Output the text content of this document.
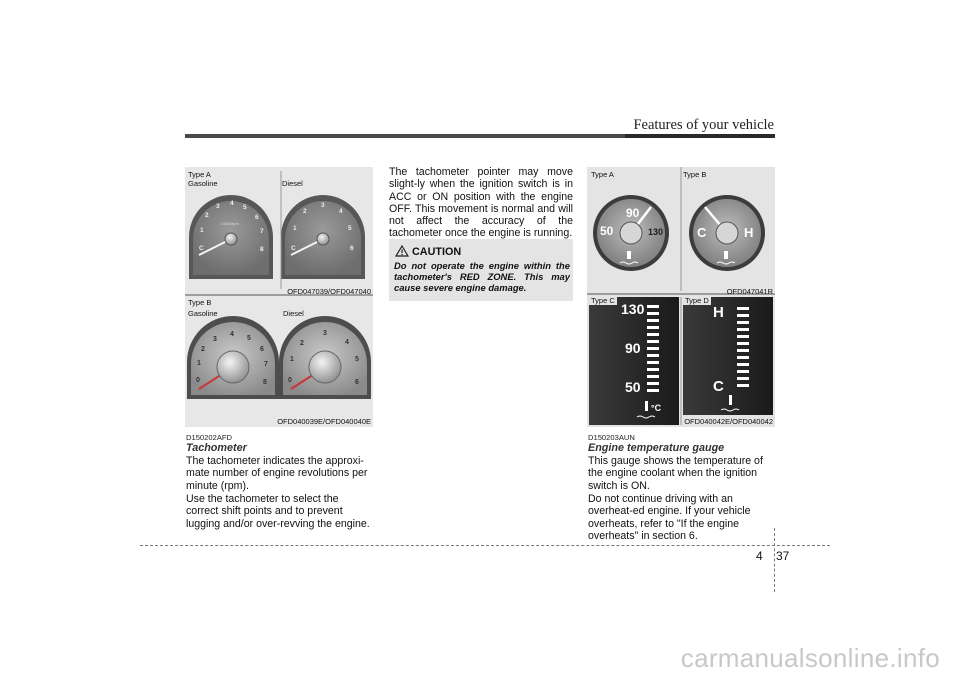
Features of your vehicle
C
1
2
3 4
5
6
7
8
x1000rpm
C
1
2
3
4
5
6
0
1
2
3
4
5
6
7
8	0
1
2
3
4
5
6
Type A
Gasoline	Diesel
OFD047039/OFD047040
Type B
Gasoline	Diesel
OFD040039E/OFD040040E
D150202AFD
Tachometer
The tachometer indicates the approxi-mate number of engine revolutions per minute (rpm).
Use the tachometer to select the correct shift points and to prevent lugging and/or over-revving the engine.
The tachometer pointer may move slight-ly when the ignition switch is in ACC or ON position with the engine OFF. This movement is normal and will not affect the accuracy of the tachometer once the engine is running.
CAUTION
Do not operate the engine within the tachometer's RED ZONE. This may cause severe engine damage.
50
90
130	C	H
130
90
50
°C
H
C
Type A	Type B
OFD047041R
Type C	Type D
OFD040042E/OFD040042
D150203AUN
Engine temperature gauge
This gauge shows the temperature of the engine coolant when the ignition switch is ON.
Do not continue driving with an overheat-ed engine. If your vehicle overheats, refer to "If the engine overheats" in section 6.
4 37
carmanualsonline.info
